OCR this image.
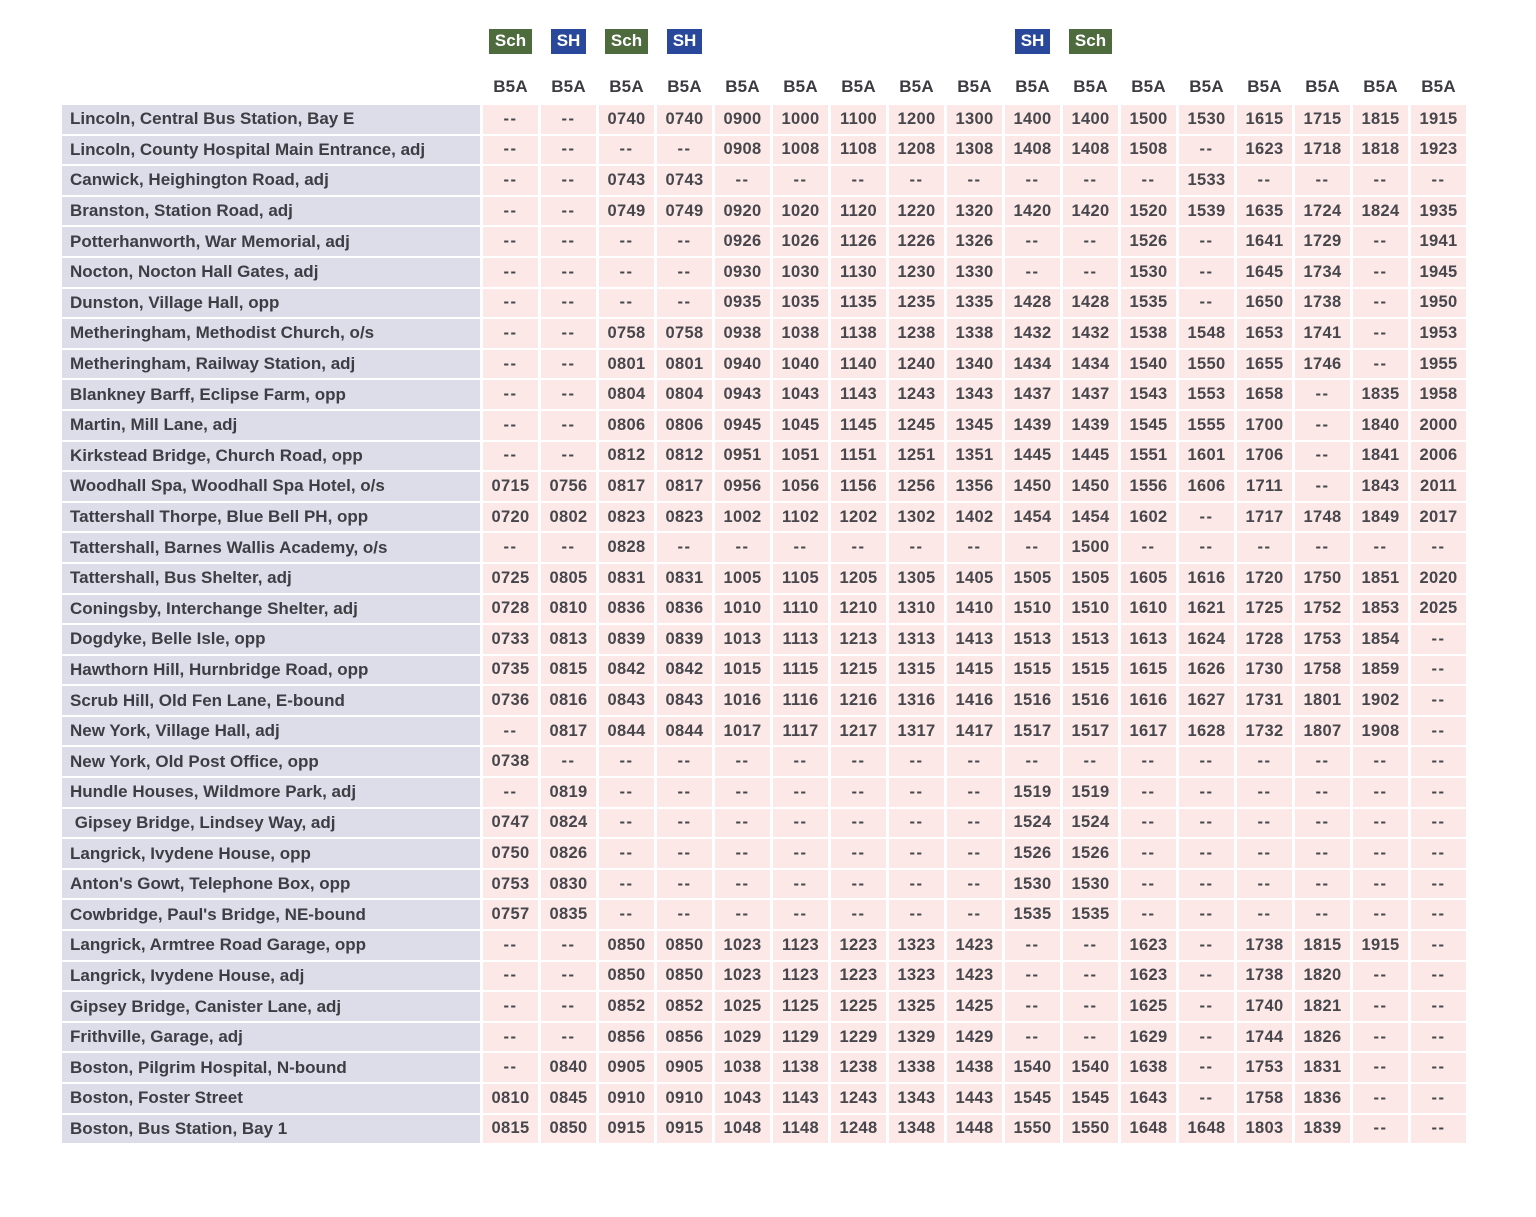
	Sch	SH	Sch	SH						SH	Sch						
	B5A	B5A	B5A	B5A	B5A	B5A	B5A	B5A	B5A	B5A	B5A	B5A	B5A	B5A	B5A	B5A	B5A
Lincoln, Central Bus Station, Bay E	--	--	0740	0740	0900	1000	1100	1200	1300	1400	1400	1500	1530	1615	1715	1815	1915
Lincoln, County Hospital Main Entrance, adj	--	--	--	--	0908	1008	1108	1208	1308	1408	1408	1508	--	1623	1718	1818	1923
Canwick, Heighington Road, adj	--	--	0743	0743	--	--	--	--	--	--	--	--	1533	--	--	--	--
Branston, Station Road, adj	--	--	0749	0749	0920	1020	1120	1220	1320	1420	1420	1520	1539	1635	1724	1824	1935
Potterhanworth, War Memorial, adj	--	--	--	--	0926	1026	1126	1226	1326	--	--	1526	--	1641	1729	--	1941
Nocton, Nocton Hall Gates, adj	--	--	--	--	0930	1030	1130	1230	1330	--	--	1530	--	1645	1734	--	1945
Dunston, Village Hall, opp	--	--	--	--	0935	1035	1135	1235	1335	1428	1428	1535	--	1650	1738	--	1950
Metheringham, Methodist Church, o/s	--	--	0758	0758	0938	1038	1138	1238	1338	1432	1432	1538	1548	1653	1741	--	1953
Metheringham, Railway Station, adj	--	--	0801	0801	0940	1040	1140	1240	1340	1434	1434	1540	1550	1655	1746	--	1955
Blankney Barff, Eclipse Farm, opp	--	--	0804	0804	0943	1043	1143	1243	1343	1437	1437	1543	1553	1658	--	1835	1958
Martin, Mill Lane, adj	--	--	0806	0806	0945	1045	1145	1245	1345	1439	1439	1545	1555	1700	--	1840	2000
Kirkstead Bridge, Church Road, opp	--	--	0812	0812	0951	1051	1151	1251	1351	1445	1445	1551	1601	1706	--	1841	2006
Woodhall Spa, Woodhall Spa Hotel, o/s	0715	0756	0817	0817	0956	1056	1156	1256	1356	1450	1450	1556	1606	1711	--	1843	2011
Tattershall Thorpe, Blue Bell PH, opp	0720	0802	0823	0823	1002	1102	1202	1302	1402	1454	1454	1602	--	1717	1748	1849	2017
Tattershall, Barnes Wallis Academy, o/s	--	--	0828	--	--	--	--	--	--	--	1500	--	--	--	--	--	--
Tattershall, Bus Shelter, adj	0725	0805	0831	0831	1005	1105	1205	1305	1405	1505	1505	1605	1616	1720	1750	1851	2020
Coningsby, Interchange Shelter, adj	0728	0810	0836	0836	1010	1110	1210	1310	1410	1510	1510	1610	1621	1725	1752	1853	2025
Dogdyke, Belle Isle, opp	0733	0813	0839	0839	1013	1113	1213	1313	1413	1513	1513	1613	1624	1728	1753	1854	--
Hawthorn Hill, Hurnbridge Road, opp	0735	0815	0842	0842	1015	1115	1215	1315	1415	1515	1515	1615	1626	1730	1758	1859	--
Scrub Hill, Old Fen Lane, E-bound	0736	0816	0843	0843	1016	1116	1216	1316	1416	1516	1516	1616	1627	1731	1801	1902	--
New York, Village Hall, adj	--	0817	0844	0844	1017	1117	1217	1317	1417	1517	1517	1617	1628	1732	1807	1908	--
New York, Old Post Office, opp	0738	--	--	--	--	--	--	--	--	--	--	--	--	--	--	--	--
Hundle Houses, Wildmore Park, adj	--	0819	--	--	--	--	--	--	--	1519	1519	--	--	--	--	--	--
Gipsey Bridge, Lindsey Way, adj	0747	0824	--	--	--	--	--	--	--	1524	1524	--	--	--	--	--	--
Langrick, Ivydene House, opp	0750	0826	--	--	--	--	--	--	--	1526	1526	--	--	--	--	--	--
Anton's Gowt, Telephone Box, opp	0753	0830	--	--	--	--	--	--	--	1530	1530	--	--	--	--	--	--
Cowbridge, Paul's Bridge, NE-bound	0757	0835	--	--	--	--	--	--	--	1535	1535	--	--	--	--	--	--
Langrick, Armtree Road Garage, opp	--	--	0850	0850	1023	1123	1223	1323	1423	--	--	1623	--	1738	1815	1915	--
Langrick, Ivydene House, adj	--	--	0850	0850	1023	1123	1223	1323	1423	--	--	1623	--	1738	1820	--	--
Gipsey Bridge, Canister Lane, adj	--	--	0852	0852	1025	1125	1225	1325	1425	--	--	1625	--	1740	1821	--	--
Frithville, Garage, adj	--	--	0856	0856	1029	1129	1229	1329	1429	--	--	1629	--	1744	1826	--	--
Boston, Pilgrim Hospital, N-bound	--	0840	0905	0905	1038	1138	1238	1338	1438	1540	1540	1638	--	1753	1831	--	--
Boston, Foster Street	0810	0845	0910	0910	1043	1143	1243	1343	1443	1545	1545	1643	--	1758	1836	--	--
Boston, Bus Station, Bay 1	0815	0850	0915	0915	1048	1148	1248	1348	1448	1550	1550	1648	1648	1803	1839	--	--
